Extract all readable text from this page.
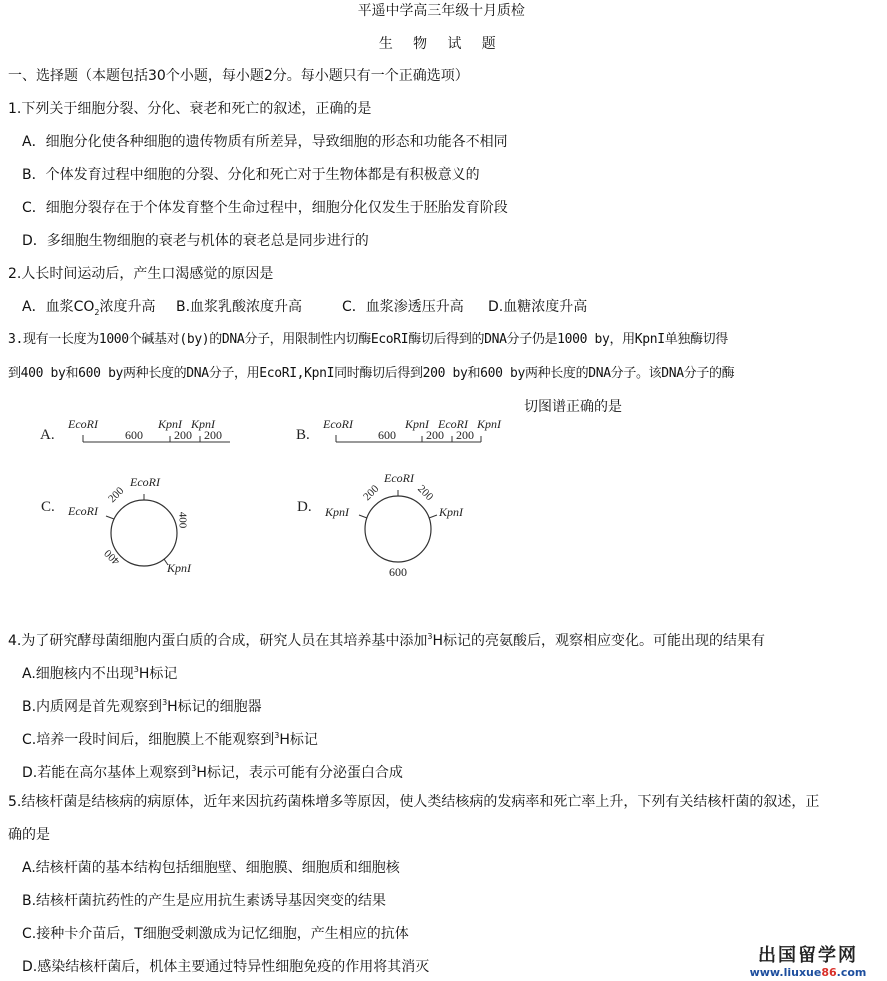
平遥中学高三年级十月质检
生 物 试 题
一、选择题（本题包括30个小题，每小题2分。每小题只有一个正确选项）
1.下列关于细胞分裂、分化、衰老和死亡的叙述，正确的是
A．细胞分化使各种细胞的遗传物质有所差异，导致细胞的形态和功能各不相同
B．个体发育过程中细胞的分裂、分化和死亡对于生物体都是有积极意义的
C．细胞分裂存在于个体发育整个生命过程中，细胞分化仅发生于胚胎发育阶段
D．多细胞生物细胞的衰老与机体的衰老总是同步进行的
2.人长时间运动后，产生口渴感觉的原因是
A．血浆$CO_2$浓度升高 B.血浆乳酸浓度升高	C．血浆渗透压升高 D.血糖浓度升高
3.现有一长度为1000个碱基对(by)的DNA分子，用限制性内切酶EcoRI酶切后得到的DNA分子仍是1000 by，用KpnI单独酶切得
到400 by和600 by两种长度的DNA分子，用EcoRI,KpnI同时酶切后得到200 by和600 by两种长度的DNA分子。该DNA分子的酶
切图谱正确的是
A.
EcoRI	KpnI KpnI
600	200 200	B.
EcoRI	KpnI EcoRI KpnI
600	200 200
C.
EcoRI
EcoRI
KpnI
200
400
400
D.
EcoRI
KpnI	KpnI
200	200
600
4.为了研究酵母菌细胞内蛋白质的合成，研究人员在其培养基中添加$^3$H标记的亮氨酸后，观察相应变化。可能出现的结果有
A.细胞核内不出现$^3$H标记
B.内质网是首先观察到$^3$H标记的细胞器
C.培养一段时间后，细胞膜上不能观察到$^3$H标记
D.若能在高尔基体上观察到$^3$H标记，表示可能有分泌蛋白合成
5.结核杆菌是结核病的病原体，近年来因抗药菌株增多等原因，使人类结核病的发病率和死亡率上升，下列有关结核杆菌的叙述，正
确的是
A.结核杆菌的基本结构包括细胞壁、细胞膜、细胞质和细胞核
B.结核杆菌抗药性的产生是应用抗生素诱导基因突变的结果
C.接种卡介苗后，T细胞受刺激成为记忆细胞，产生相应的抗体
D.感染结核杆菌后，机体主要通过特异性细胞免疫的作用将其消灭
出国留学网
www.liuxue86.com
